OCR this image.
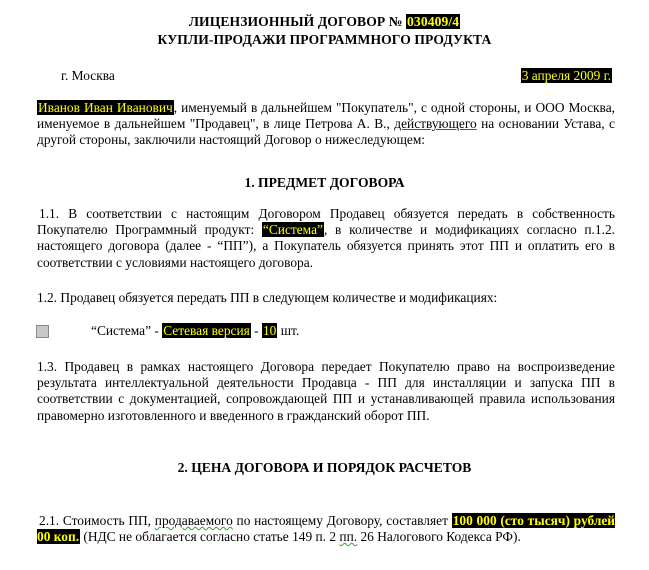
ЛИЦЕНЗИОННЫЙ ДОГОВОР № 030409/4
КУПЛИ-ПРОДАЖИ ПРОГРАММНОГО ПРОДУКТА
г. Москва	3 апреля 2009 г.
Иванов Иван Иванович, именуемый в дальнейшем "Покупатель", с одной стороны, и ООО Москва, именуемое в дальнейшем "Продавец", в лице Петрова А. В., действующего на основании Устава, с другой стороны, заключили настоящий Договор о нижеследующем:
1. ПРЕДМЕТ ДОГОВОРА
1.1. В соответствии с настоящим Договором Продавец обязуется передать в собственность Покупателю Программный продукт: “Система”, в количестве и модификациях согласно п.1.2. настоящего договора (далее - “ПП”), а Покупатель обязуется принять этот ПП и оплатить его в соответствии с условиями настоящего договора.
1.2. Продавец обязуется передать ПП в следующем количестве и модификациях:
“Система” - Сетевая версия - 10 шт.
1.3. Продавец в рамках настоящего Договора передает Покупателю право на воспроизведение результата интеллектуальной деятельности Продавца - ПП для инсталляции и запуска ПП в соответствии с документацией, сопровождающей ПП и устанавливающей правила использования правомерно изготовленного и введенного в гражданский оборот ПП.
2. ЦЕНА ДОГОВОРА И ПОРЯДОК РАСЧЕТОВ
2.1. Стоимость ПП, продаваемого по настоящему Договору, составляет 100 000 (сто тысяч) рублей 00 коп. (НДС не облагается согласно статье 149 п. 2 пп. 26 Налогового Кодекса РФ).
